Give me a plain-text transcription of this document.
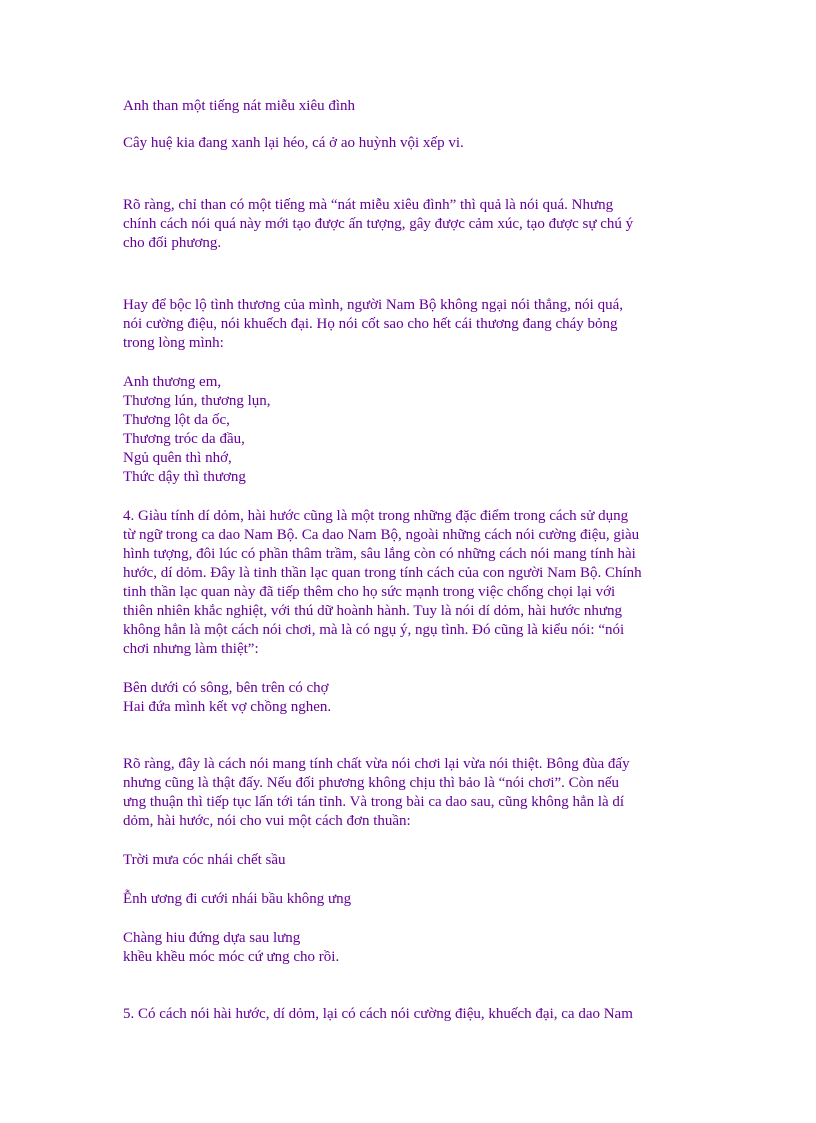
Anh than một tiếng nát miễu xiêu đình
Cây huệ kia đang xanh lại héo, cá ở ao huỳnh vội xếp vi.
Rõ ràng, chỉ than có một tiếng mà “nát miễu xiêu đình” thì quả là nói quá. Nhưng
chính cách nói quá này mới tạo được ấn tượng, gây được cảm xúc, tạo được sự chú ý
cho đối phương.
Hay để bộc lộ tình thương của mình, người Nam Bộ không ngại nói thẳng, nói quá,
nói cường điệu, nói khuếch đại. Họ nói cốt sao cho hết cái thương đang cháy bỏng
trong lòng mình:
Anh thương em,
Thương lún, thương lụn,
Thương lột da ốc,
Thương tróc da đầu,
Ngủ quên thì nhớ,
Thức dậy thì thương
4. Giàu tính dí dỏm, hài hước cũng là một trong những đặc điểm trong cách sử dụng
từ ngữ trong ca dao Nam Bộ. Ca dao Nam Bộ, ngoài những cách nói cường điệu, giàu
hình tượng, đôi lúc có phần thâm trầm, sâu lắng còn có những cách nói mang tính hài
hước, dí dỏm. Đây là tinh thần lạc quan trong tính cách của con người Nam Bộ. Chính
tinh thần lạc quan này đã tiếp thêm cho họ sức mạnh trong việc chống chọi lại với
thiên nhiên khắc nghiệt, với thú dữ hoành hành. Tuy là nói dí dỏm, hài hước nhưng
không hẳn là một cách nói chơi, mà là có ngụ ý, ngụ tình. Đó cũng là kiểu nói: “nói
chơi nhưng làm thiệt”:
Bên dưới có sông, bên trên có chợ
Hai đứa mình kết vợ chồng nghen.
Rõ ràng, đây là cách nói mang tính chất vừa nói chơi lại vừa nói thiệt. Bông đùa đấy
nhưng cũng là thật đấy. Nếu đối phương không chịu thì bảo là “nói chơi”. Còn nếu
ưng thuận thì tiếp tục lấn tới tán tỉnh. Và trong bài ca dao sau, cũng không hẳn là dí
dỏm, hài hước, nói cho vui một cách đơn thuần:
Trời mưa cóc nhái chết sầu
Ễnh ương đi cưới nhái bầu không ưng
Chàng hiu đứng dựa sau lưng
khều khều móc móc cứ ưng cho rồi.
5. Có cách nói hài hước, dí dỏm, lại có cách nói cường điệu, khuếch đại, ca dao Nam
